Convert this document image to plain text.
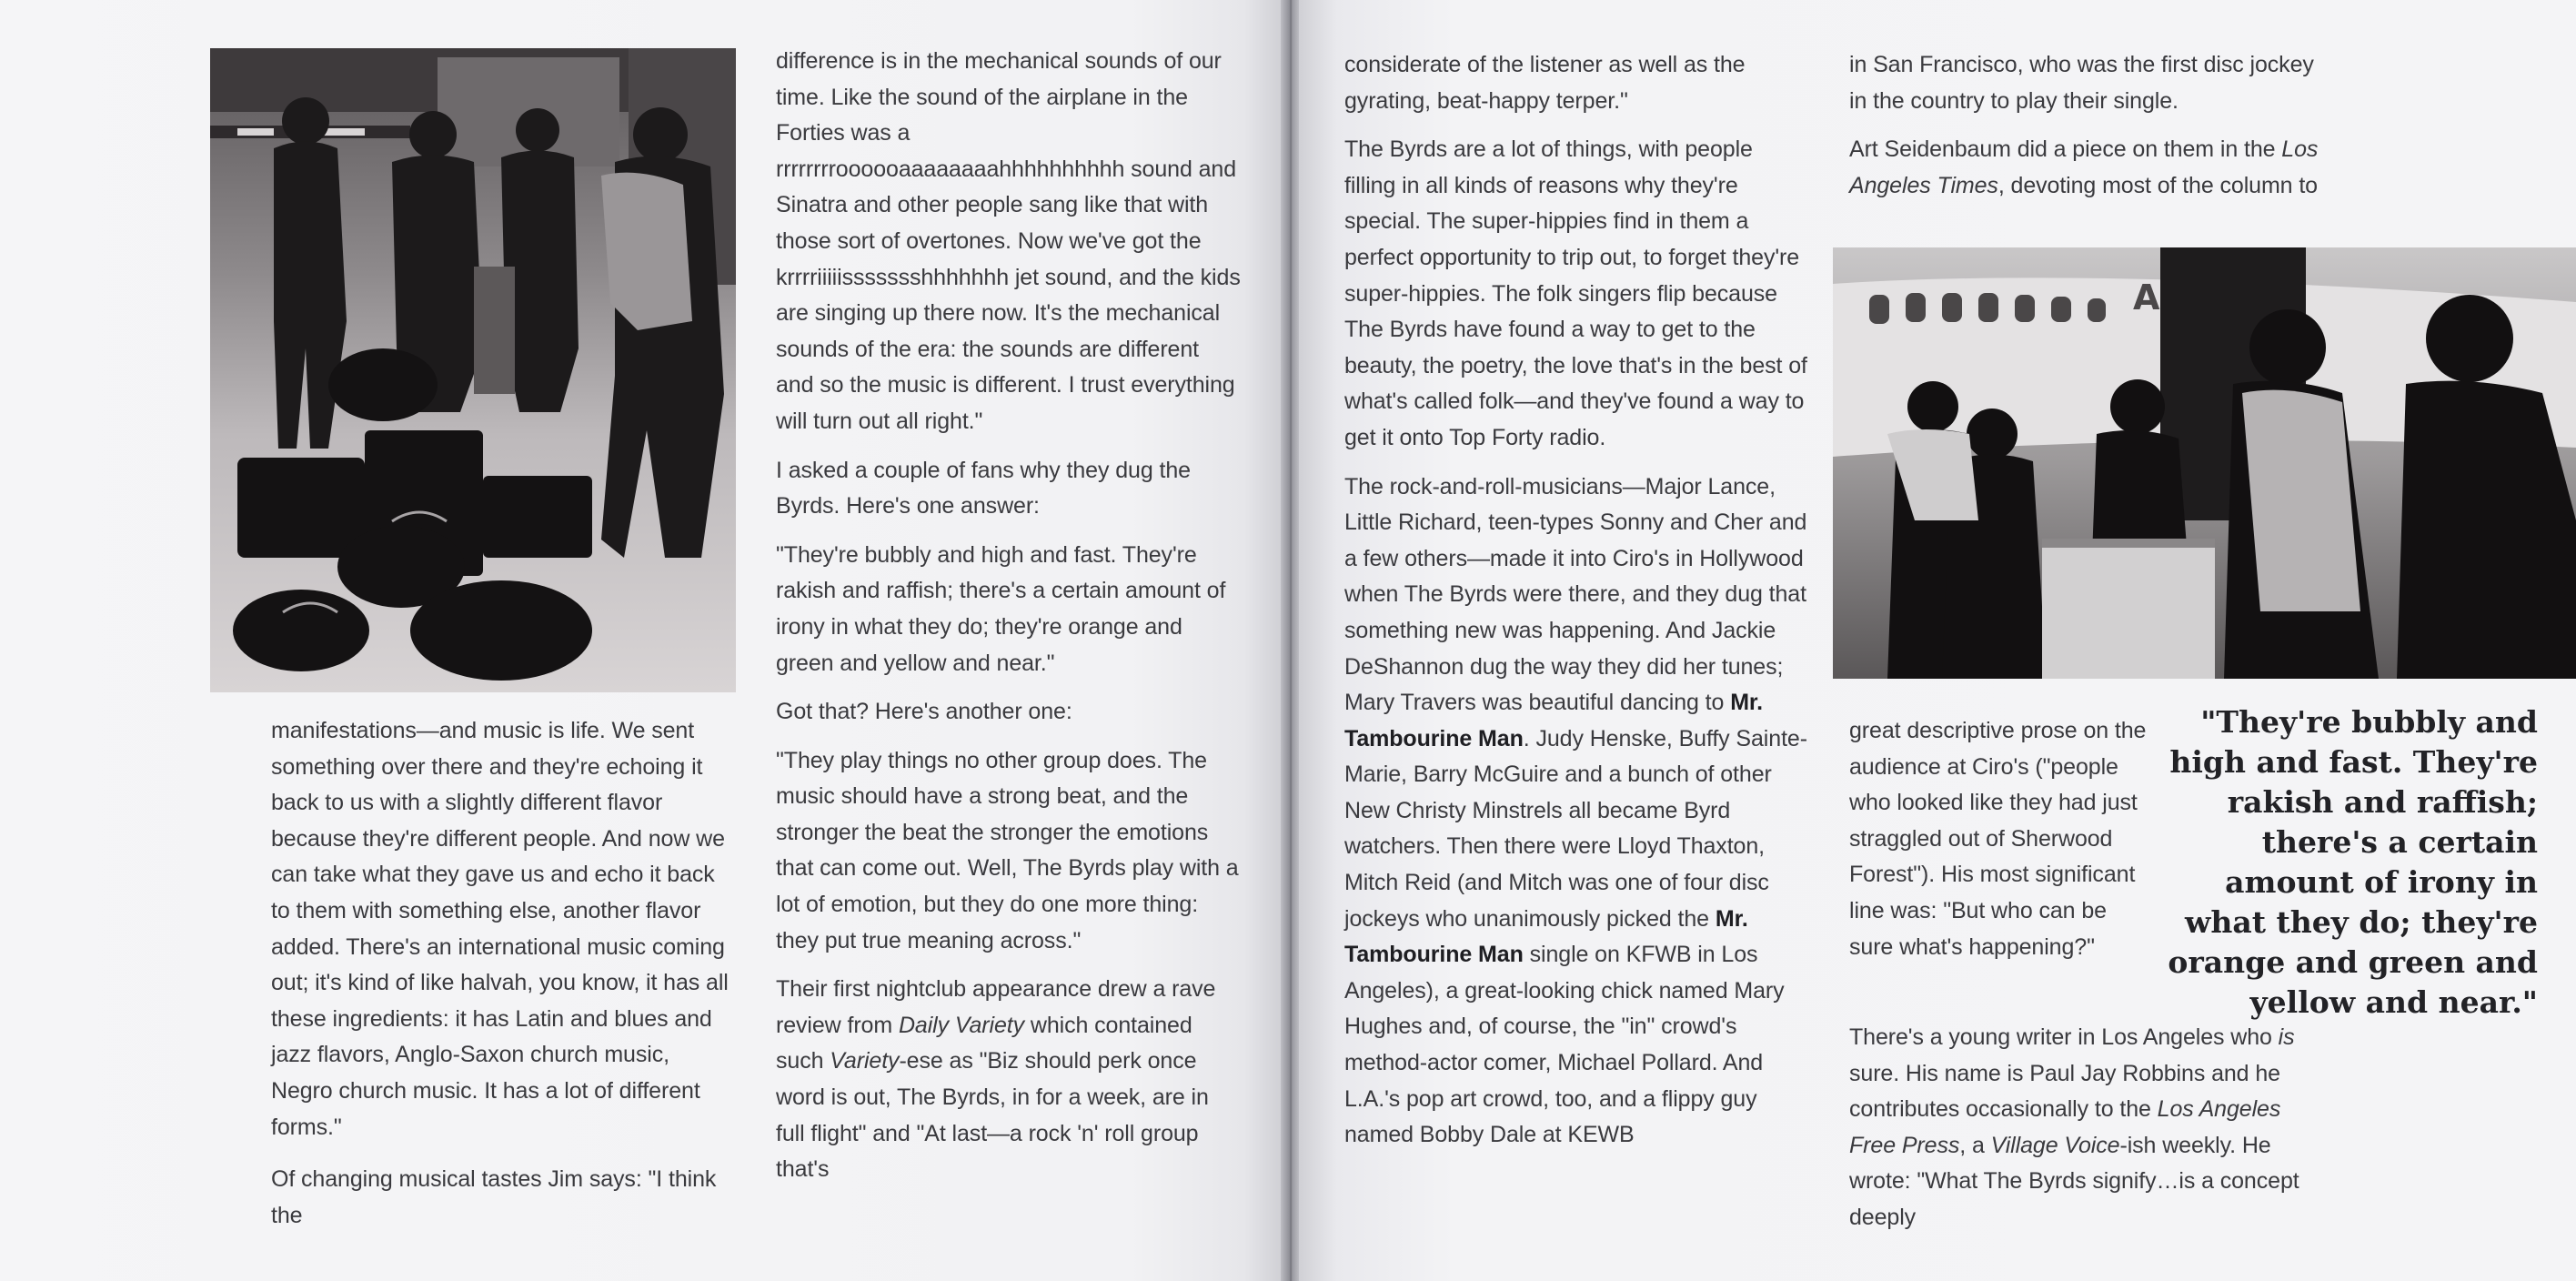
manifestations—and music is life. We sent something over there and they're echoing it back to us with a slightly different flavor because they're different people. And now we can take what they gave us and echo it back to them with something else, another flavor added. There's an international music coming out; it's kind of like halvah, you know, it has all these ingredients: it has Latin and blues and jazz flavors, Anglo-Saxon church music, Negro church music. It has a lot of different forms."

Of changing musical tastes Jim says: "I think the

difference is in the mechanical sounds of our time. Like the sound of the airplane in the Forties was a rrrrrrrroooooaaaaaaaahhhhhhhhhh sound and Sinatra and other people sang like that with those sort of overtones. Now we've got the krrrriiiiissssssshhhhhhh jet sound, and the kids are singing up there now. It's the mechanical sounds of the era: the sounds are different and so the music is different. I trust everything will turn out all right."

I asked a couple of fans why they dug the Byrds. Here's one answer:

"They're bubbly and high and fast. They're rakish and raffish; there's a certain amount of irony in what they do; they're orange and green and yellow and near."

Got that? Here's another one:

"They play things no other group does. The music should have a strong beat, and the stronger the beat the stronger the emotions that can come out. Well, The Byrds play with a lot of emotion, but they do one more thing: they put true meaning across."

Their first nightclub appearance drew a rave review from Daily Variety which contained such Variety-ese as "Biz should perk once word is out, The Byrds, in for a week, are in full flight" and "At last—a rock 'n' roll group that's

considerate of the listener as well as the gyrating, beat-happy terper."

The Byrds are a lot of things, with people filling in all kinds of reasons why they're special. The super-hippies find in them a perfect opportunity to trip out, to forget they're super-hippies. The folk singers flip because The Byrds have found a way to get to the beauty, the poetry, the love that's in the best of what's called folk—and they've found a way to get it onto Top Forty radio.

The rock-and-roll-musicians—Major Lance, Little Richard, teen-types Sonny and Cher and a few others—made it into Ciro's in Hollywood when The Byrds were there, and they dug that something new was happening. And Jackie DeShannon dug the way they did her tunes; Mary Travers was beautiful dancing to Mr. Tambourine Man. Judy Henske, Buffy Sainte-Marie, Barry McGuire and a bunch of other New Christy Minstrels all became Byrd watchers. Then there were Lloyd Thaxton, Mitch Reid (and Mitch was one of four disc jockeys who unanimously picked the Mr. Tambourine Man single on KFWB in Los Angeles), a great-looking chick named Mary Hughes and, of course, the "in" crowd's method-actor comer, Michael Pollard. And L.A.'s pop art crowd, too, and a flippy guy named Bobby Dale at KEWB

in San Francisco, who was the first disc jockey in the country to play their single.

Art Seidenbaum did a piece on them in the Los Angeles Times, devoting most of the column to

A

great descriptive prose on the audience at Ciro's ("people who looked like they had just straggled out of Sherwood Forest"). His most significant line was: "But who can be sure what's happening?"

"They're bubbly and high and fast. They're rakish and raffish; there's a certain amount of irony in what they do; they're orange and green and yellow and near."

There's a young writer in Los Angeles who is sure. His name is Paul Jay Robbins and he contributes occasionally to the Los Angeles Free Press, a Village Voice-ish weekly. He wrote: "What The Byrds signify…is a concept deeply
